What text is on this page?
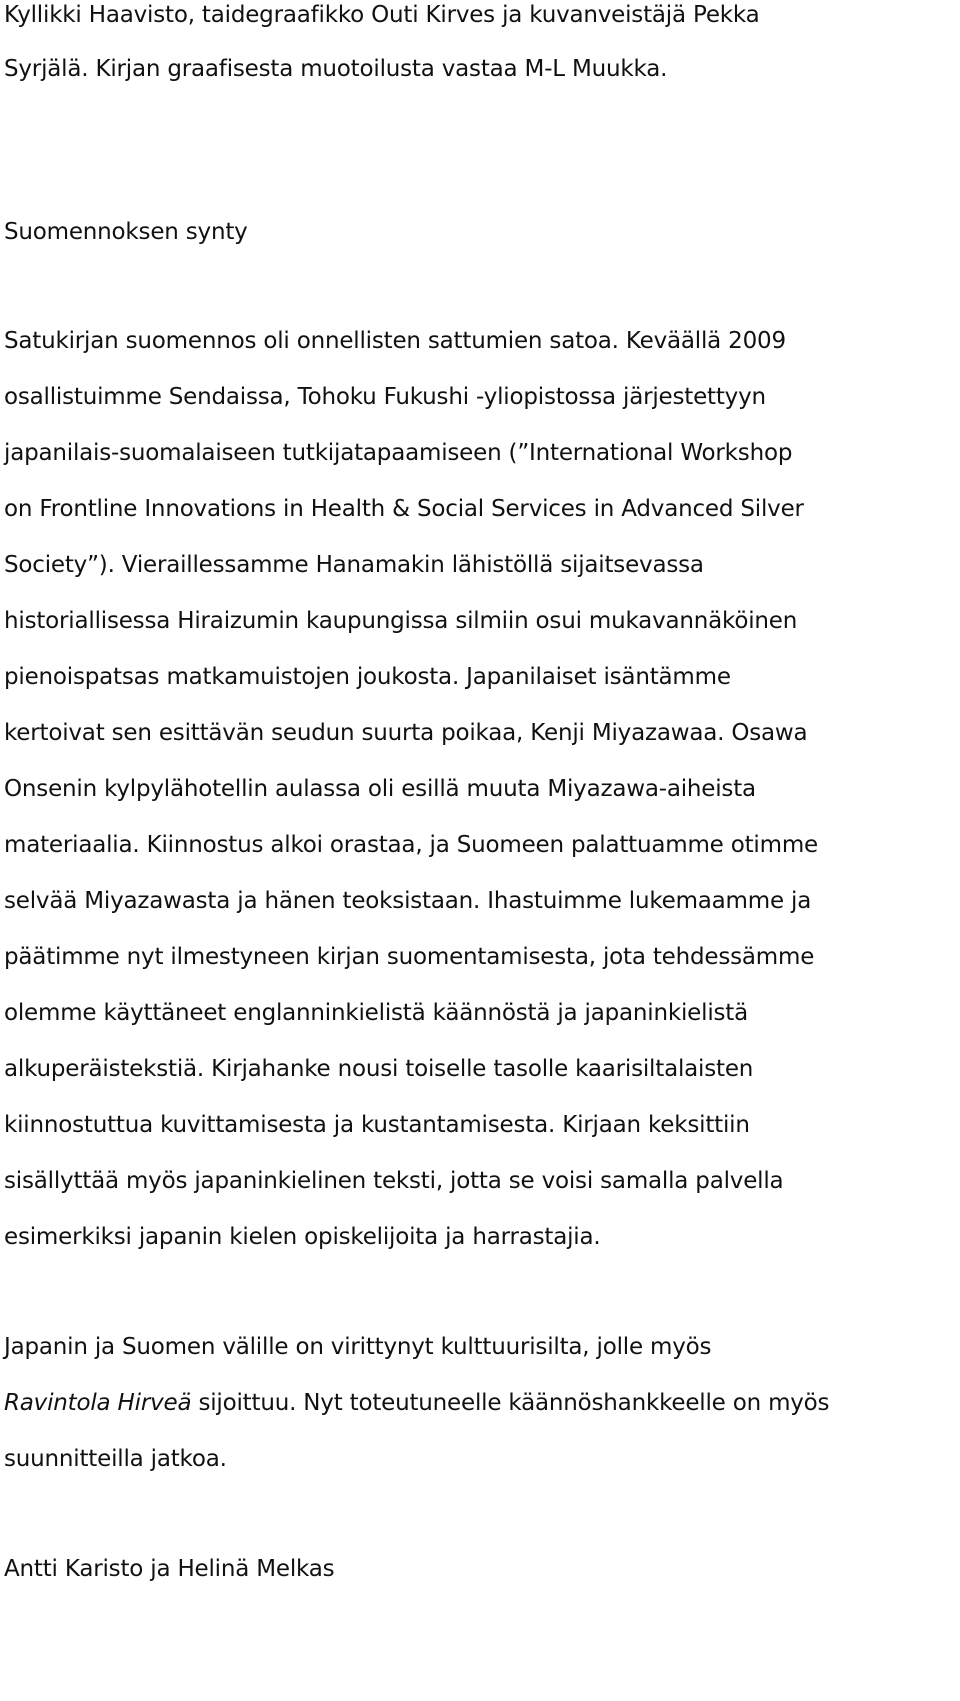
Kyllikki Haavisto, taidegraafikko Outi Kirves ja kuvanveistäjä Pekka
Syrjälä. Kirjan graafisesta muotoilusta vastaa M-L Muukka.
Suomennoksen synty
Satukirjan suomennos oli onnellisten sattumien satoa. Keväällä 2009
osallistuimme Sendaissa, Tohoku Fukushi -yliopistossa järjestettyyn
japanilais-suomalaiseen tutkijatapaamiseen (”International Workshop
on Frontline Innovations in Health & Social Services in Advanced Silver
Society”). Vieraillessamme Hanamakin lähistöllä sijaitsevassa
historiallisessa Hiraizumin kaupungissa silmiin osui mukavannäköinen
pienoispatsas matkamuistojen joukosta. Japanilaiset isäntämme
kertoivat sen esittävän seudun suurta poikaa, Kenji Miyazawaa. Osawa
Onsenin kylpylähotellin aulassa oli esillä muuta Miyazawa-aiheista
materiaalia. Kiinnostus alkoi orastaa, ja Suomeen palattuamme otimme
selvää Miyazawasta ja hänen teoksistaan. Ihastuimme lukemaamme ja
päätimme nyt ilmestyneen kirjan suomentamisesta, jota tehdessämme
olemme käyttäneet englanninkielistä käännöstä ja japaninkielistä
alkuperäistekstiä. Kirjahanke nousi toiselle tasolle kaarisiltalaisten
kiinnostuttua kuvittamisesta ja kustantamisesta. Kirjaan keksittiin
sisällyttää myös japaninkielinen teksti, jotta se voisi samalla palvella
esimerkiksi japanin kielen opiskelijoita ja harrastajia.
Japanin ja Suomen välille on virittynyt kulttuurisilta, jolle myös
Ravintola Hirveä sijoittuu. Nyt toteutuneelle käännöshankkeelle on myös
suunnitteilla jatkoa.
Antti Karisto ja Helinä Melkas
